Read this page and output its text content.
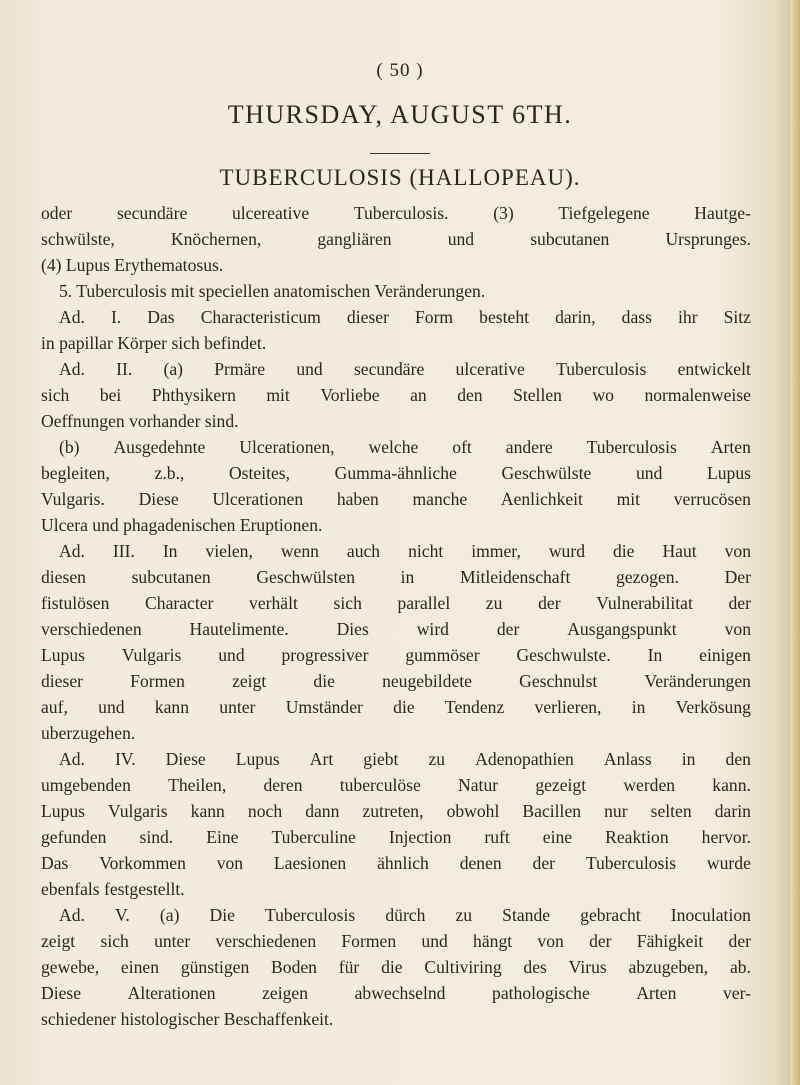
( 50 )
THURSDAY, AUGUST 6TH.
TUBERCULOSIS (HALLOPEAU).
oder	secundäre	ulcereative	Tuberculosis.	(3)	Tiefgelegene	Hautge-
schwülste,	Knöchernen,	gangliären	und	subcutanen	Ursprunges.
(4) Lupus Erythematosus.
5. Tuberculosis mit speciellen anatomischen Veränderungen.
Ad. I. Das Characteristicum dieser Form besteht darin, dass ihr Sitz
in papillar Körper sich befindet.
Ad. II. (a) Prmäre und secundäre ulcerative Tuberculosis entwickelt
sich bei Phthysikern mit Vorliebe an den Stellen wo normalenweise
Oeffnungen vorhander sind.
(b) Ausgedehnte Ulcerationen, welche oft andere Tuberculosis Arten
begleiten,	z.b.,	Osteites,	Gumma-ähnliche	Geschwülste	und	Lupus
Vulgaris. Diese Ulcerationen haben manche Aenlichkeit mit verrucösen
Ulcera und phagadenischen Eruptionen.
Ad. III. In vielen, wenn auch nicht immer, wurd die Haut von
diesen	subcutanen	Geschwülsten	in	Mitleidenschaft	gezogen.	Der
fistulösen Character verhält sich parallel zu der Vulnerabilitat der
verschiedenen	Hautelimente.	Dies	wird	der	Ausgangspunkt	von
Lupus Vulgaris und progressiver gummöser Geschwulste. In einigen
dieser	Formen	zeigt	die	neugebildete	Geschnulst	Veränderungen
auf, und kann unter Umständer die Tendenz verlieren, in Verkösung
uberzugehen.
Ad. IV. Diese Lupus Art giebt zu Adenopathien Anlass in den
umgebenden Theilen, deren tuberculöse Natur gezeigt werden kann.
Lupus Vulgaris kann noch dann zutreten, obwohl Bacillen nur selten darin
gefunden sind. Eine Tuberculine Injection ruft eine Reaktion hervor.
Das Vorkommen von Laesionen ähnlich denen der Tuberculosis wurde
ebenfals festgestellt.
Ad. V. (a) Die Tuberculosis dürch zu Stande gebracht Inoculation
zeigt sich unter verschiedenen Formen und hängt von der Fähigkeit der
gewebe, einen günstigen Boden für die Cultiviring des Virus abzugeben, ab.
Diese	Alterationen	zeigen	abwechselnd	pathologische	Arten	ver-
schiedener histologischer Beschaffenkeit.
